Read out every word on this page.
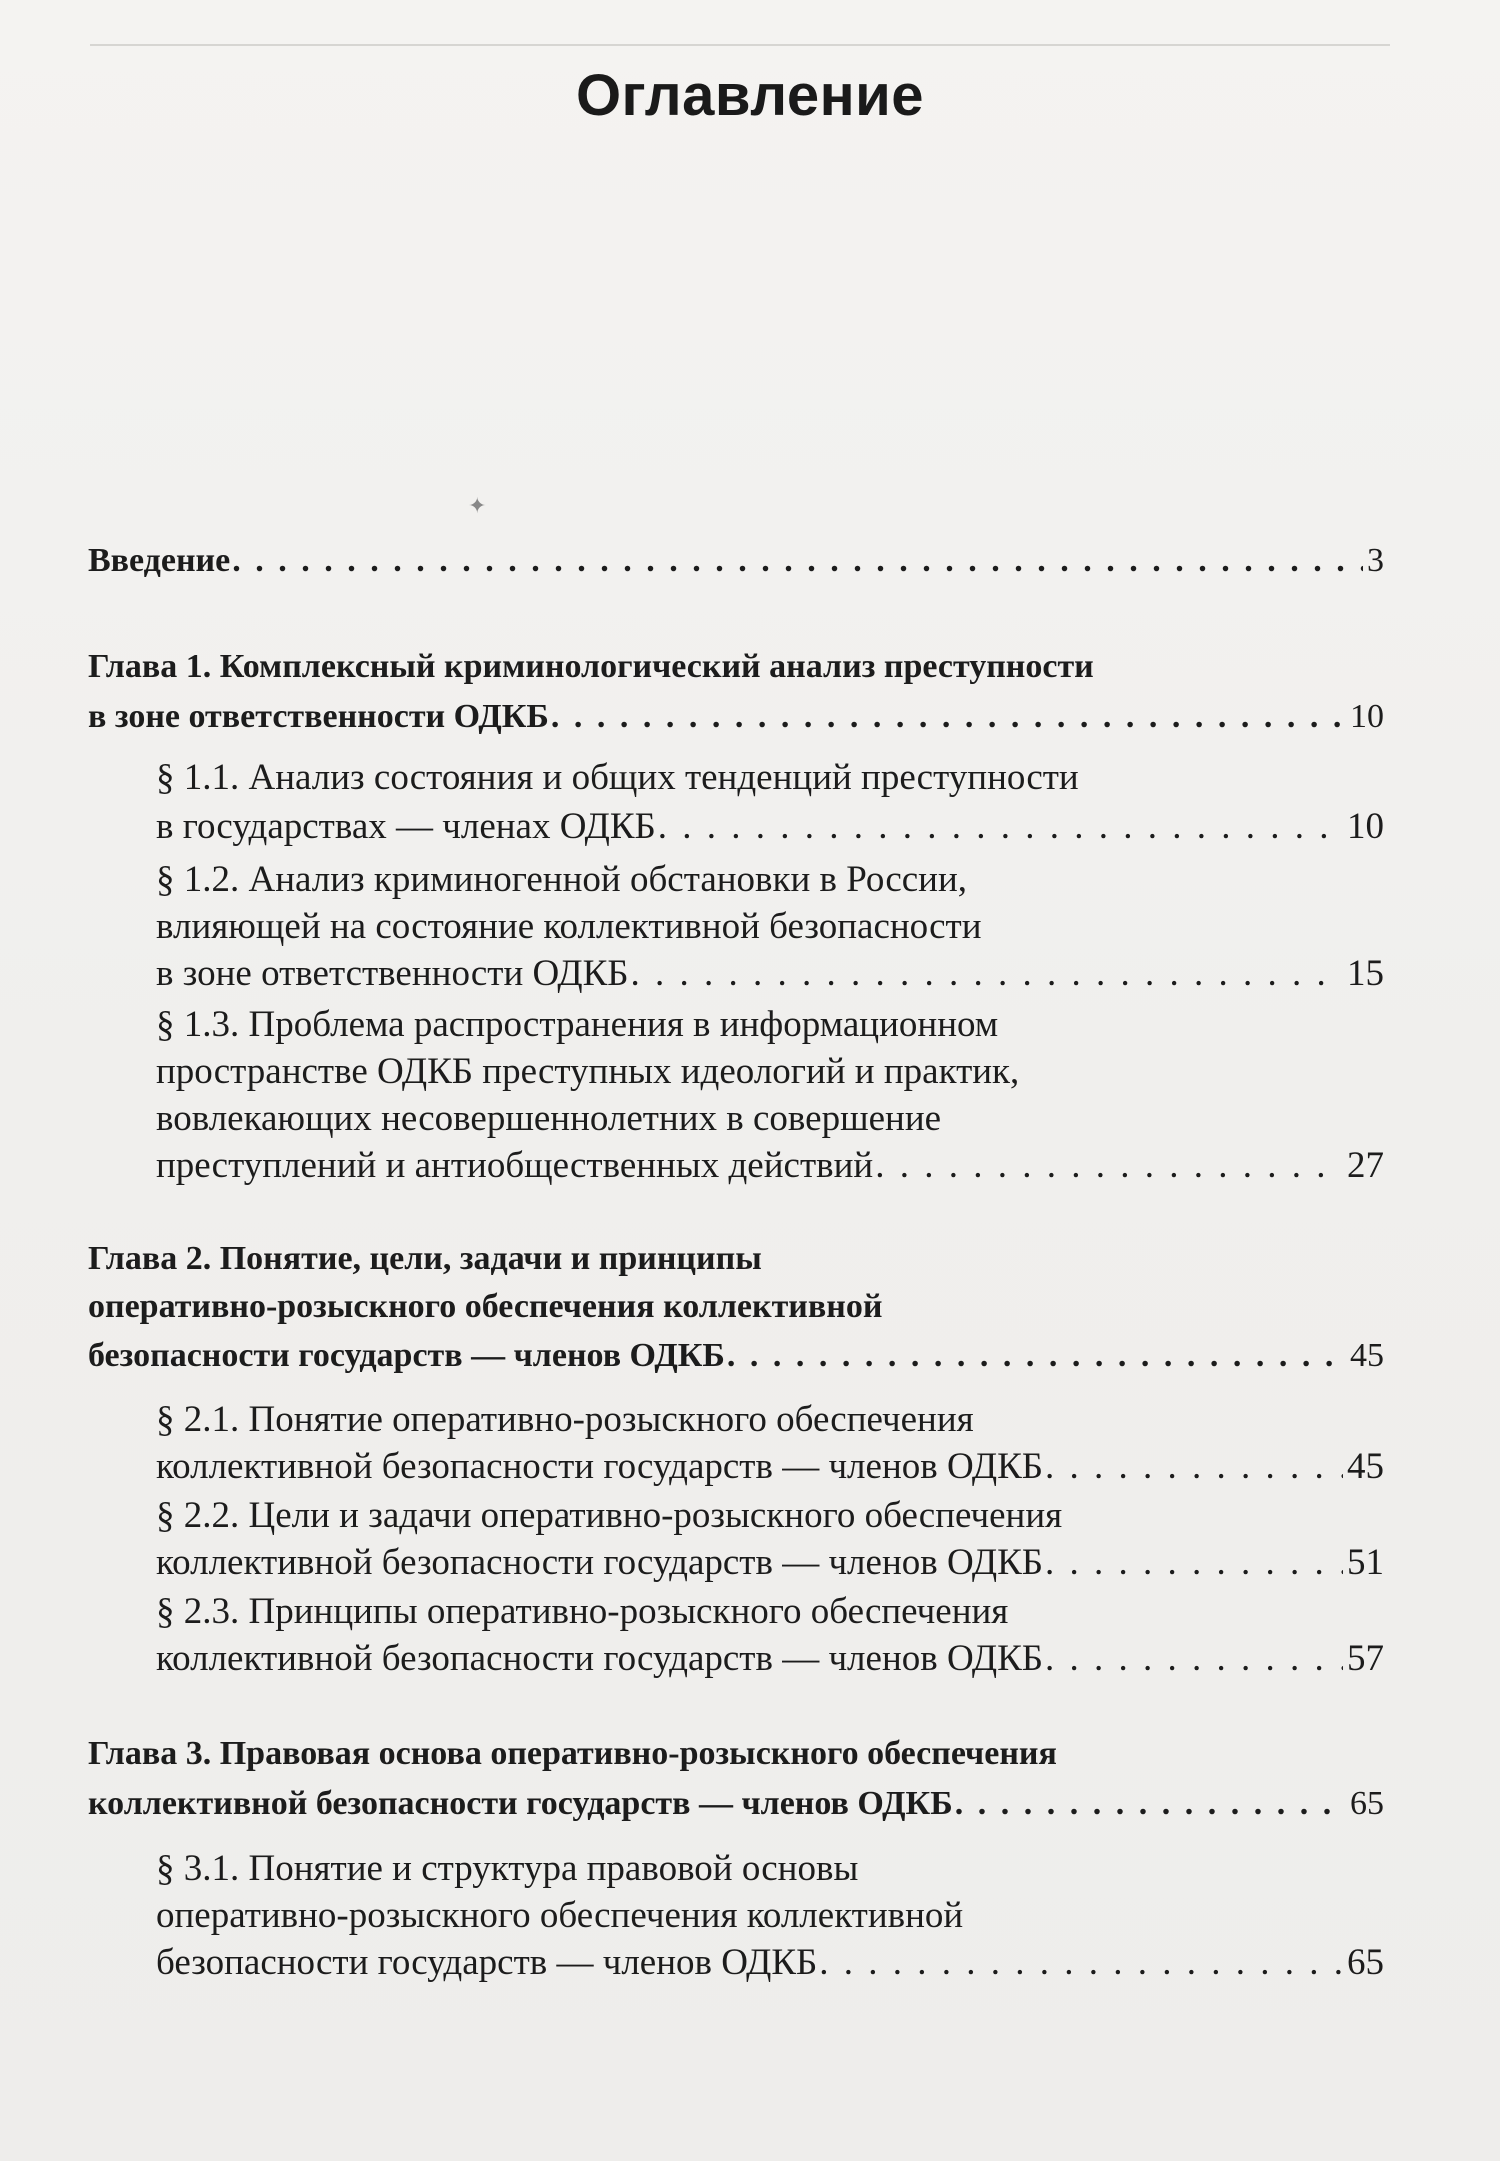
Оглавление
Введение . . .	3
Глава 1. Комплексный криминологический анализ преступности
в зоне ответственности ОДКБ . . .	10
§ 1.1. Анализ состояния и общих тенденций преступности
в государствах — членах ОДКБ . . .	10
§ 1.2. Анализ криминогенной обстановки в России,
влияющей на состояние коллективной безопасности
в зоне ответственности ОДКБ . . .	15
§ 1.3. Проблема распространения в информационном
пространстве ОДКБ преступных идеологий и практик,
вовлекающих несовершеннолетних в совершение
преступлений и антиобщественных действий . . .	27
Глава 2. Понятие, цели, задачи и принципы
оперативно-розыскного обеспечения коллективной
безопасности государств — членов ОДКБ . . .	45
§ 2.1. Понятие оперативно-розыскного обеспечения
коллективной безопасности государств — членов ОДКБ . . .	45
§ 2.2. Цели и задачи оперативно-розыскного обеспечения
коллективной безопасности государств — членов ОДКБ . . .	51
§ 2.3. Принципы оперативно-розыскного обеспечения
коллективной безопасности государств — членов ОДКБ . . .	57
Глава 3. Правовая основа оперативно-розыскного обеспечения
коллективной безопасности государств — членов ОДКБ . . .	65
§ 3.1. Понятие и структура правовой основы
оперативно-розыскного обеспечения коллективной
безопасности государств — членов ОДКБ . . .	65
✦
